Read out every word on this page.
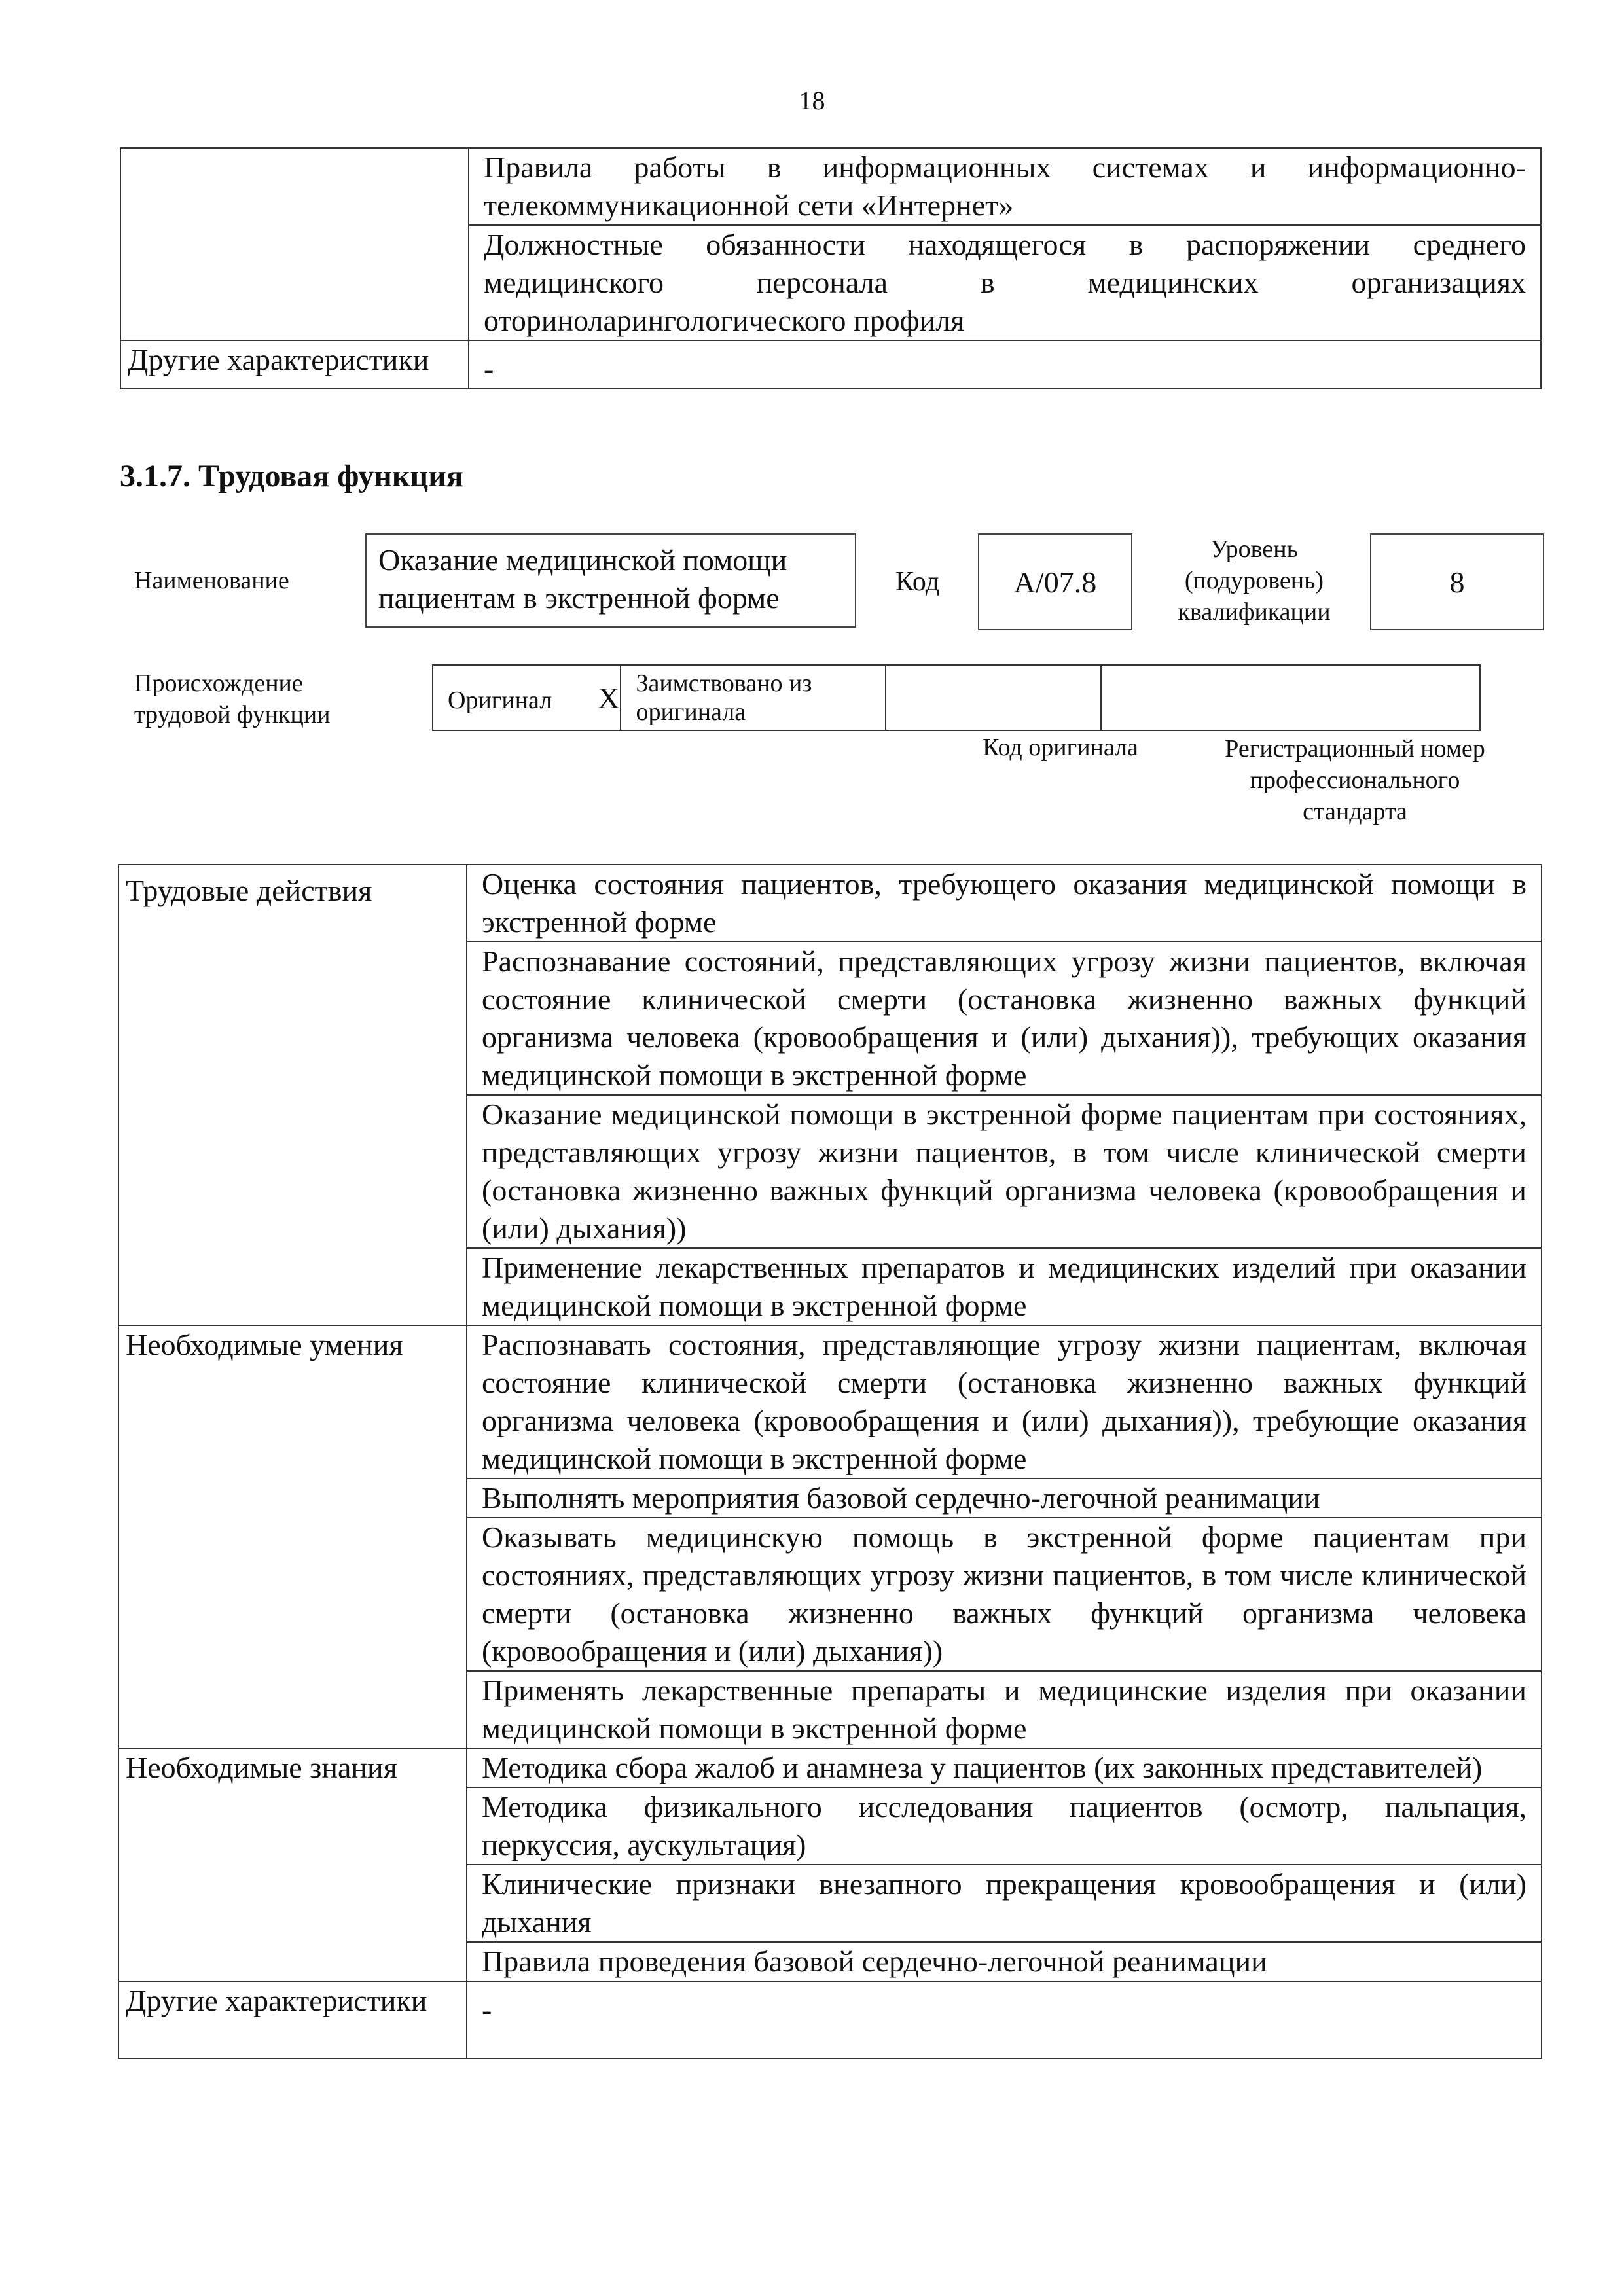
18
	Правила работы в информационных системах и информационно-телекоммуникационной сети «Интернет»
	Должностные обязанности находящегося в распоряжении среднего медицинского персонала в медицинских организациях оториноларингологического профиля
Другие характеристики	-
3.1.7. Трудовая функция
Наименование
Оказание медицинской помощи пациентам в экстренной форме	Код	А/07.8
Уровень (подуровень) квалификации
8
Происхождение трудовой функции
Оригинал Х	Заимствовано из оригинала		
Код оригинала	Регистрационный номер профессионального стандарта
Трудовые действия	Оценка состояния пациентов, требующего оказания медицинской помощи в экстренной форме
	Распознавание состояний, представляющих угрозу жизни пациентов, включая состояние клинической смерти (остановка жизненно важных функций организма человека (кровообращения и (или) дыхания)), требующих оказания медицинской помощи в экстренной форме
	Оказание медицинской помощи в экстренной форме пациентам при состояниях, представляющих угрозу жизни пациентов, в том числе клинической смерти (остановка жизненно важных функций организма человека (кровообращения и (или) дыхания))
	Применение лекарственных препаратов и медицинских изделий при оказании медицинской помощи в экстренной форме
Необходимые умения	Распознавать состояния, представляющие угрозу жизни пациентам, включая состояние клинической смерти (остановка жизненно важных функций организма человека (кровообращения и (или) дыхания)), требующие оказания медицинской помощи в экстренной форме
	Выполнять мероприятия базовой сердечно-легочной реанимации
	Оказывать медицинскую помощь в экстренной форме пациентам при состояниях, представляющих угрозу жизни пациентов, в том числе клинической смерти (остановка жизненно важных функций организма человека (кровообращения и (или) дыхания))
	Применять лекарственные препараты и медицинские изделия при оказании медицинской помощи в экстренной форме
Необходимые знания	Методика сбора жалоб и анамнеза у пациентов (их законных представителей)
	Методика физикального исследования пациентов (осмотр, пальпация, перкуссия, аускультация)
	Клинические признаки внезапного прекращения кровообращения и (или) дыхания
	Правила проведения базовой сердечно-легочной реанимации
Другие характеристики	-
